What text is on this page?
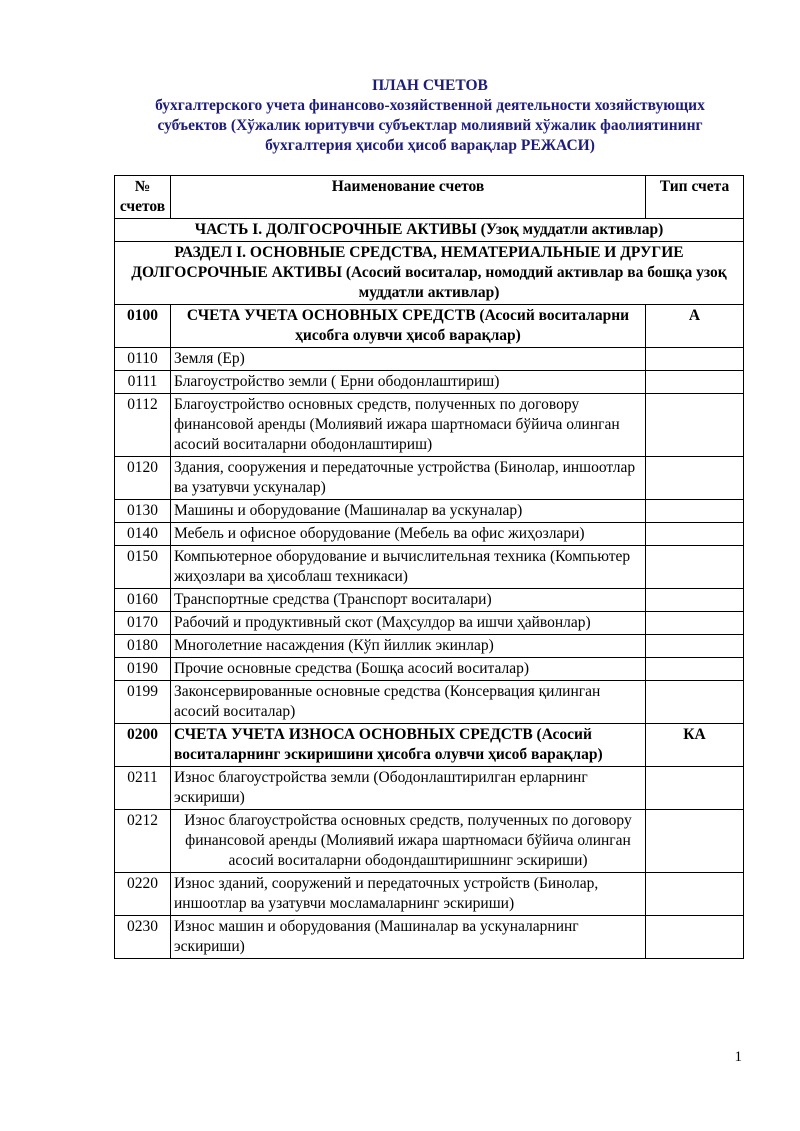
ПЛАН СЧЕТОВ
бухгалтерского учета финансово-хозяйственной деятельности хозяйствующих
субъектов (Хўжалик юритувчи субъектлар молиявий хўжалик фаолиятининг
бухгалтерия ҳисоби ҳисоб варақлар РЕЖАСИ)
№ счетов	Наименование счетов	Тип счета
ЧАСТЬ I. ДОЛГОСРОЧНЫЕ АКТИВЫ (Узоқ муддатли активлар)		
РАЗДЕЛ I. ОСНОВНЫЕ СРЕДСТВА, НЕМАТЕРИАЛЬНЫЕ И ДРУГИЕ ДОЛГОСРОЧНЫЕ АКТИВЫ (Асосий воситалар, номоддий активлар ва бошқа узоқ муддатли активлар)		
0100	СЧЕТА УЧЕТА ОСНОВНЫХ СРЕДСТВ (Асосий воситаларни ҳисобга олувчи ҳисоб варақлар)	А
0110	Земля (Ер)	
0111	Благоустройство земли ( Ерни ободонлаштириш)	
0112	Благоустройство основных средств, полученных по договору финансовой аренды (Молиявий ижара шартномаси бўйича олинган асосий воситаларни ободонлаштириш)	
0120	Здания, сооружения и передаточные устройства (Бинолар, иншоотлар ва узатувчи ускуналар)	
0130	Машины и оборудование (Машиналар ва ускуналар)	
0140	Мебель и офисное оборудование (Мебель ва офис жиҳозлари)	
0150	Компьютерное оборудование и вычислительная техника (Компьютер жиҳозлари ва ҳисоблаш техникаси)	
0160	Транспортные средства (Транспорт воситалари)	
0170	Рабочий и продуктивный скот (Маҳсулдор ва ишчи ҳайвонлар)	
0180	Многолетние насаждения (Кўп йиллик экинлар)	
0190	Прочие основные средства (Бошқа асосий воситалар)	
0199	Законсервированные основные средства (Консервация қилинган асосий воситалар)	
0200	СЧЕТА УЧЕТА ИЗНОСА ОСНОВНЫХ СРЕДСТВ (Асосий воситаларнинг эскиришини ҳисобга олувчи ҳисоб варақлар)	КА
0211	Износ благоустройства земли (Ободонлаштирилган ерларнинг эскириши)	
0212	Износ благоустройства основных средств, полученных по договору финансовой аренды (Молиявий ижара шартномаси бўйича олинган асосий воситаларни ободондаштиришнинг эскириши)	
0220	Износ зданий, сооружений и передаточных устройств (Бинолар, иншоотлар ва узатувчи мосламаларнинг эскириши)	
0230	Износ машин и оборудования (Машиналар ва ускуналарнинг эскириши)	
1
